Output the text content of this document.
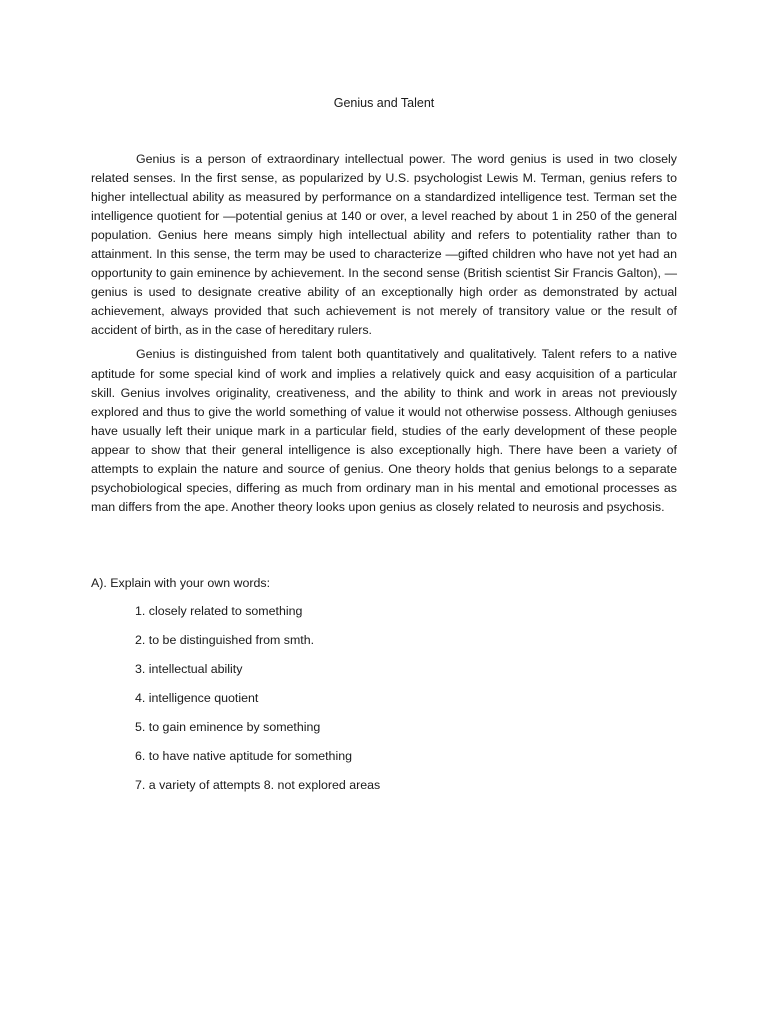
Genius and Talent

Genius is a person of extraordinary intellectual power. The word genius is used in two closely related senses. In the first sense, as popularized by U.S. psychologist Lewis M. Terman, genius refers to higher intellectual ability as measured by performance on a standardized intelligence test. Terman set the intelligence quotient for —potential genius at 140 or over, a level reached by about 1 in 250 of the general population. Genius here means simply high intellectual ability and refers to potentiality rather than to attainment. In this sense, the term may be used to characterize —gifted children who have not yet had an opportunity to gain eminence by achievement. In the second sense (British scientist Sir Francis Galton), —genius is used to designate creative ability of an exceptionally high order as demonstrated by actual achievement, always provided that such achievement is not merely of transitory value or the result of accident of birth, as in the case of hereditary rulers.

Genius is distinguished from talent both quantitatively and qualitatively. Talent refers to a native aptitude for some special kind of work and implies a relatively quick and easy acquisition of a particular skill. Genius involves originality, creativeness, and the ability to think and work in areas not previously explored and thus to give the world something of value it would not otherwise possess. Although geniuses have usually left their unique mark in a particular field, studies of the early development of these people appear to show that their general intelligence is also exceptionally high. There have been a variety of attempts to explain the nature and source of genius. One theory holds that genius belongs to a separate psychobiological species, differing as much from ordinary man in his mental and emotional processes as man differs from the ape. Another theory looks upon genius as closely related to neurosis and psychosis.

A). Explain with your own words:
1. closely related to something
2. to be distinguished from smth.
3. intellectual ability
4. intelligence quotient
5. to gain eminence by something
6. to have native aptitude for something
7. a variety of attempts 8. not explored areas
